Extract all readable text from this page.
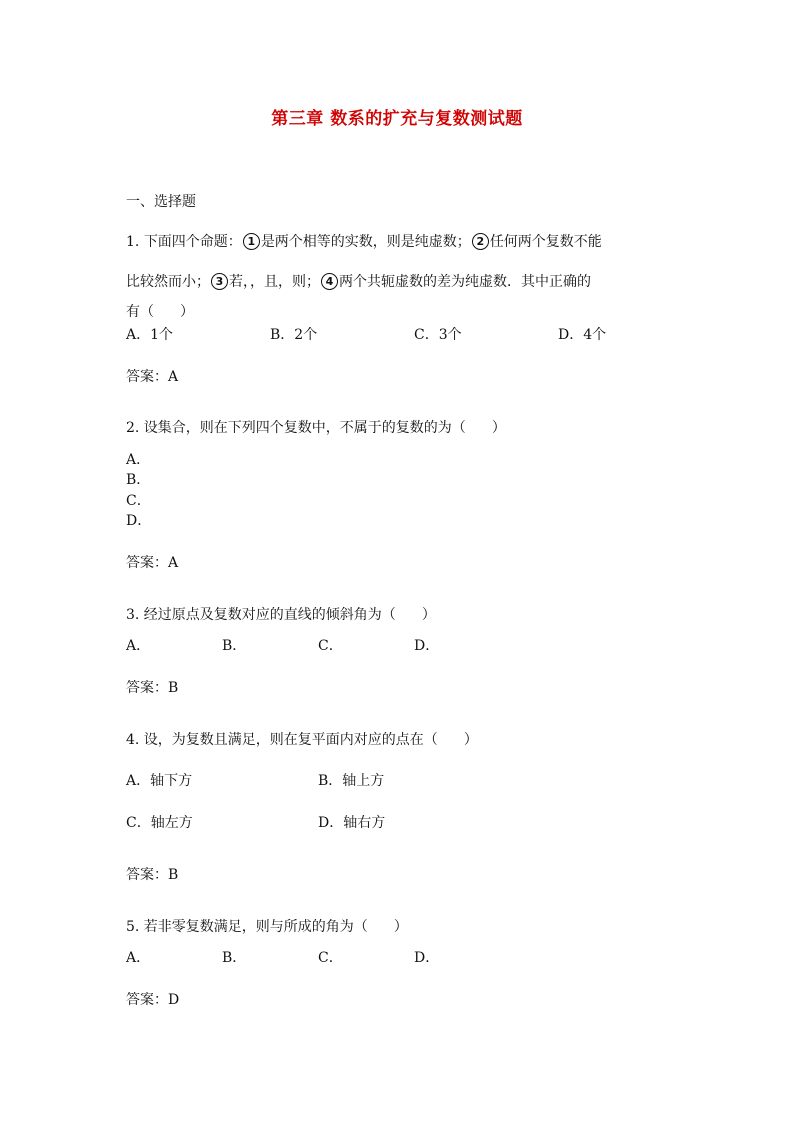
第三章 数系的扩充与复数测试题
一、选择题
1. 下面四个命题： 1 是两个相等的实数，则是纯虚数； 2 任何两个复数不能
比较然而小； 3 若，，且，则； 4 两个共轭虚数的差为纯虚数．其中正确的
有（ ）
A．1个	B．2个	C．3个	D．4个
答案：A
2. 设集合，则在下列四个复数中，不属于的复数的为（ ）
A．
B．
C．
D．
答案：A
3. 经过原点及复数对应的直线的倾斜角为（ ）
A．	B．	C．	D．
答案：B
4. 设，为复数且满足，则在复平面内对应的点在（ ）
A．轴下方	B．轴上方
C．轴左方	D．轴右方
答案：B
5. 若非零复数满足，则与所成的角为（ ）
A．	B．	C．	D．
答案：D
